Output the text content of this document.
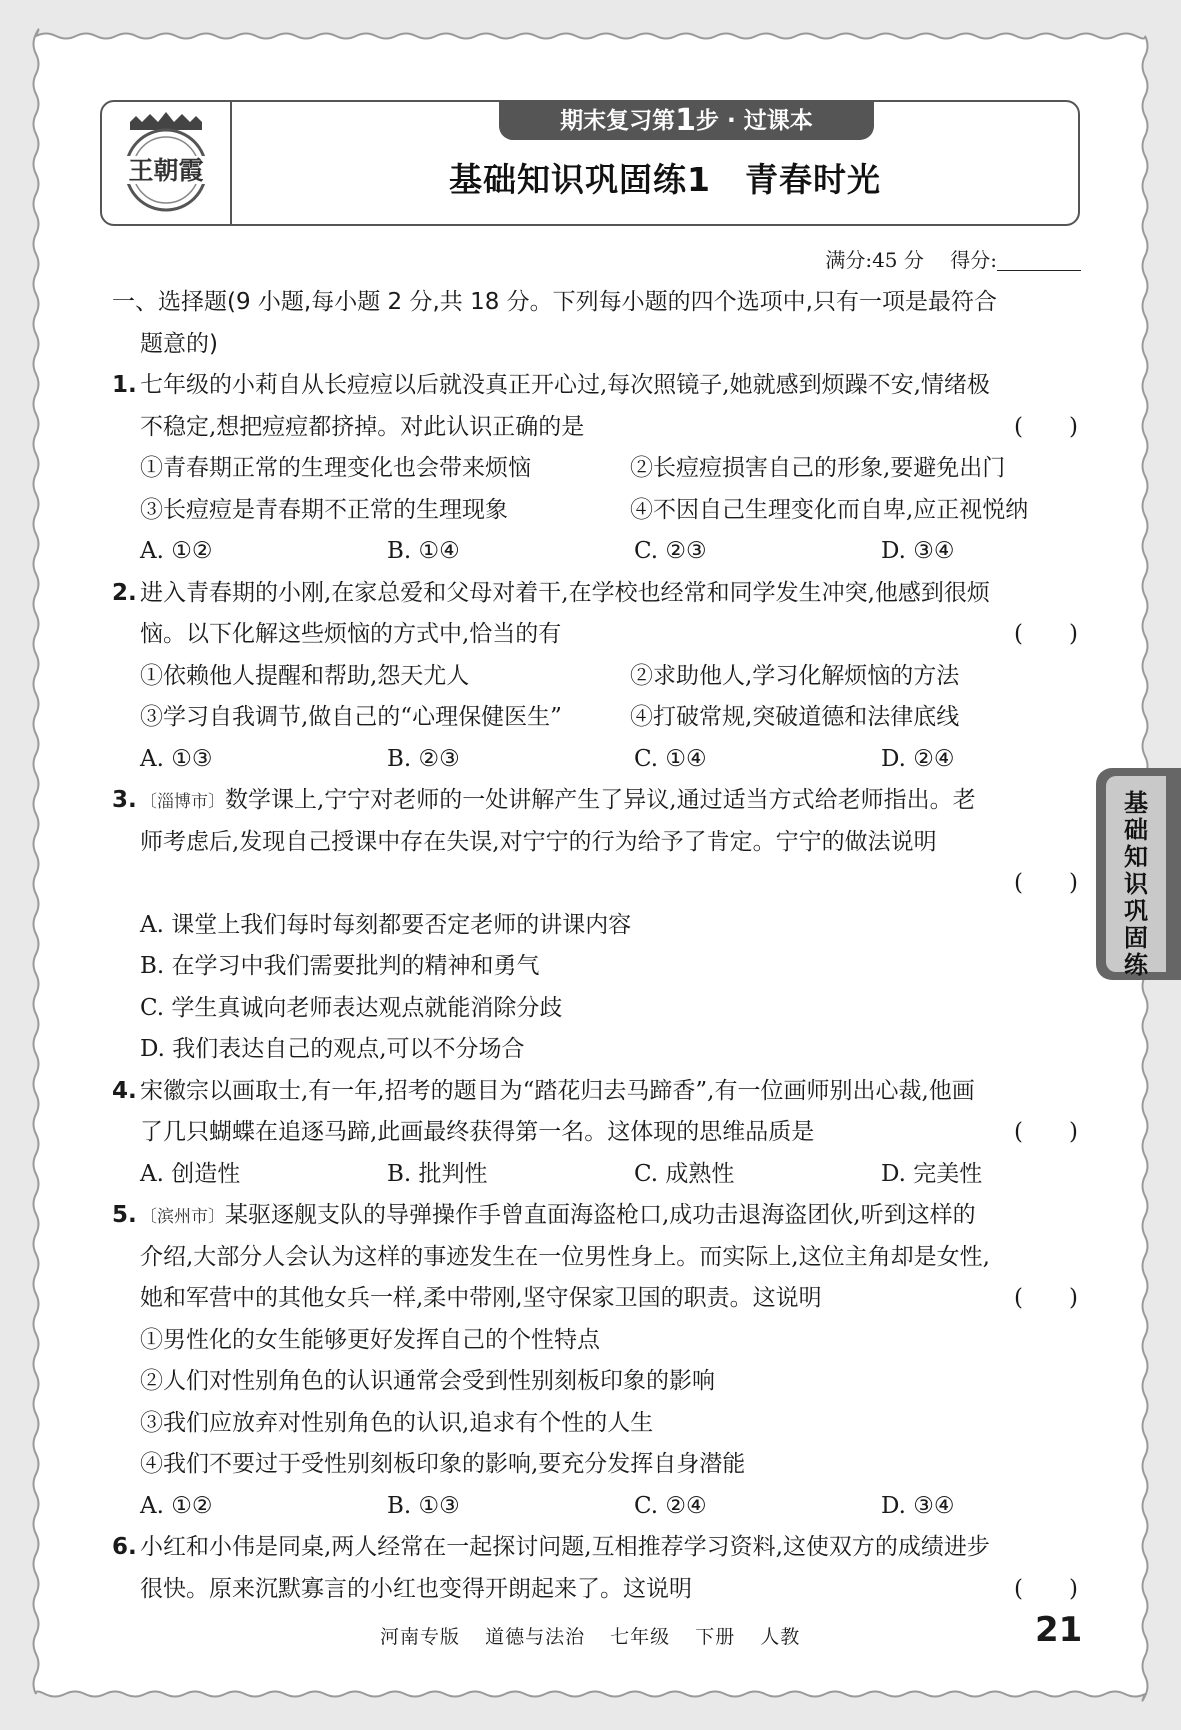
王朝霞
期末复习第1步 · 过课本
基础知识巩固练1　青春时光
满分:45 分　 得分:
一、选择题(9 小题,每小题 2 分,共 18 分。下列每小题的四个选项中,只有一项是最符合
题意的)
1. 七年级的小莉自从长痘痘以后就没真正开心过,每次照镜子,她就感到烦躁不安,情绪极
不稳定,想把痘痘都挤掉。对此认识正确的是	(　　)
①青春期正常的生理变化也会带来烦恼	②长痘痘损害自己的形象,要避免出门
③长痘痘是青春期不正常的生理现象	④不因自己生理变化而自卑,应正视悦纳
A. ①②	B. ①④	C. ②③	D. ③④
2. 进入青春期的小刚,在家总爱和父母对着干,在学校也经常和同学发生冲突,他感到很烦
恼。以下化解这些烦恼的方式中,恰当的有	(　　)
①依赖他人提醒和帮助,怨天尤人	②求助他人,学习化解烦恼的方法
③学习自我调节,做自己的“心理保健医生”	④打破常规,突破道德和法律底线
A. ①③	B. ②③	C. ①④	D. ②④
3. 〔淄博市〕数学课上,宁宁对老师的一处讲解产生了异议,通过适当方式给老师指出。老
师考虑后,发现自己授课中存在失误,对宁宁的行为给予了肯定。宁宁的做法说明
(　　)
A. 课堂上我们每时每刻都要否定老师的讲课内容
B. 在学习中我们需要批判的精神和勇气
C. 学生真诚向老师表达观点就能消除分歧
D. 我们表达自己的观点,可以不分场合
4. 宋徽宗以画取士,有一年,招考的题目为“踏花归去马蹄香”,有一位画师别出心裁,他画
了几只蝴蝶在追逐马蹄,此画最终获得第一名。这体现的思维品质是	(　　)
A. 创造性	B. 批判性	C. 成熟性	D. 完美性
5. 〔滨州市〕某驱逐舰支队的导弹操作手曾直面海盗枪口,成功击退海盗团伙,听到这样的
介绍,大部分人会认为这样的事迹发生在一位男性身上。而实际上,这位主角却是女性,
她和军营中的其他女兵一样,柔中带刚,坚守保家卫国的职责。这说明	(　　)
①男性化的女生能够更好发挥自己的个性特点
②人们对性别角色的认识通常会受到性别刻板印象的影响
③我们应放弃对性别角色的认识,追求有个性的人生
④我们不要过于受性别刻板印象的影响,要充分发挥自身潜能
A. ①②	B. ①③	C. ②④	D. ③④
6. 小红和小伟是同桌,两人经常在一起探讨问题,互相推荐学习资料,这使双方的成绩进步
很快。原来沉默寡言的小红也变得开朗起来了。这说明	(　　)
基
础
知
识
巩
固
练
河南专版 道德与法治 七年级 下册 人教	21
